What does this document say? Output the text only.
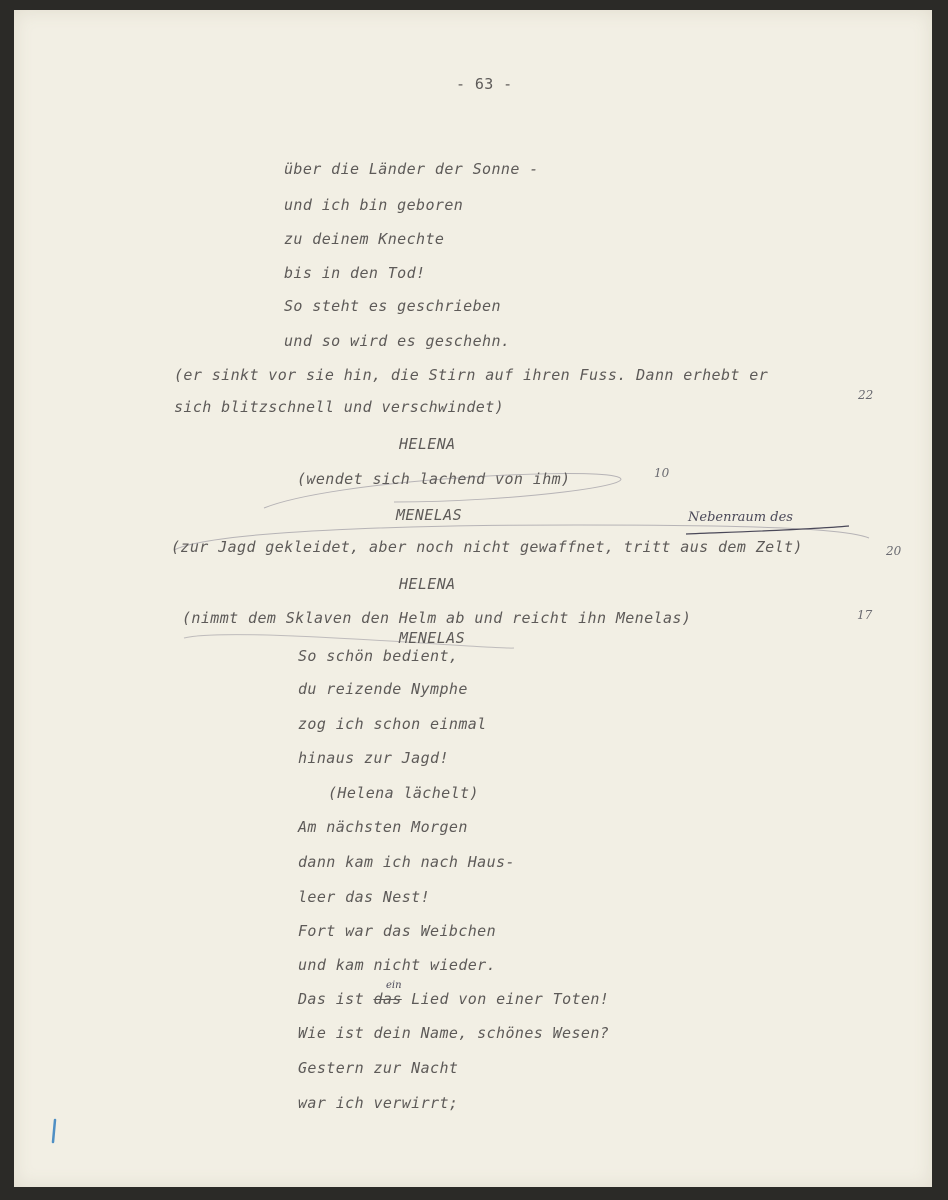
- 63 -
über die Länder der Sonne -
und ich bin geboren
zu deinem Knechte
bis in den Tod!
So steht es geschrieben
und so wird es geschehn.
(er sinkt vor sie hin, die Stirn auf ihren Fuss. Dann erhebt er
sich blitzschnell und verschwindet)
HELENA
(wendet sich lachend von ihm)
MENELAS
(zur Jagd gekleidet, aber noch nicht gewaffnet, tritt aus dem Zelt)
HELENA
(nimmt dem Sklaven den Helm ab und reicht ihn Menelas)
MENELAS
So schön bedient,
du reizende Nymphe
zog ich schon einmal
hinaus zur Jagd!
(Helena lächelt)
Am nächsten Morgen
dann kam ich nach Haus-
leer das Nest!
Fort war das Weibchen
und kam nicht wieder.
Das ist das Lied von einer Toten!
Wie ist dein Name, schönes Wesen?
Gestern zur Nacht
war ich verwirrt;
22
10
20
17
Nebenraum des
ein
